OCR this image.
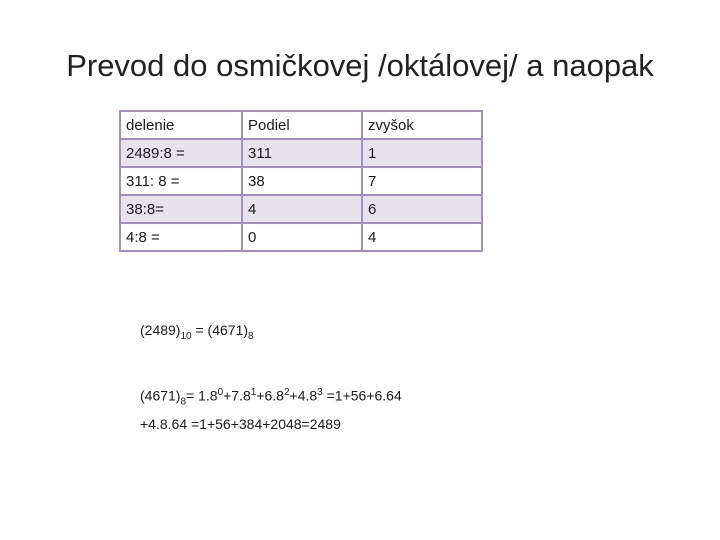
Prevod do osmičkovej /oktálovej/ a naopak
delenie	Podiel	zvyšok
2489:8 =	311	1
311: 8 =	38	7
38:8=	4	6
4:8 =	0	4
$(2489)_{10} = (4671)_8$
$(4671)_8= 1.8^0+7.8^1+6.8^2+4.8^3 =1+56+6.64$
+4.8.64 =1+56+384+2048=2489
